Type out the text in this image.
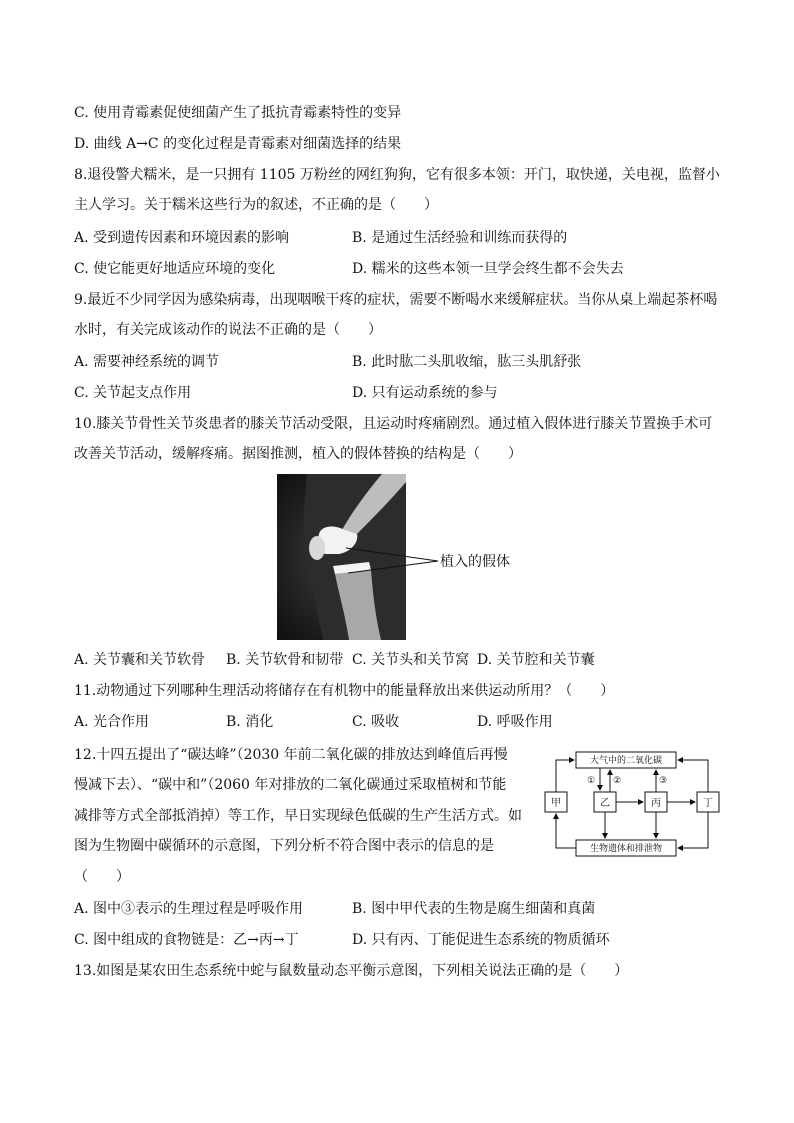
C. 使用青霉素促使细菌产生了抵抗青霉素特性的变异
D. 曲线 A→C 的变化过程是青霉素对细菌选择的结果
8.退役警犬糯米，是一只拥有 1105 万粉丝的网红狗狗，它有很多本领：开门，取快递，关电视，监督小
主人学习。关于糯米这些行为的叙述，不正确的是（　　）
A. 受到遗传因素和环境因素的影响	B. 是通过生活经验和训练而获得的
C. 使它能更好地适应环境的变化	D. 糯米的这些本领一旦学会终生都不会失去
9.最近不少同学因为感染病毒，出现咽喉干疼的症状，需要不断喝水来缓解症状。当你从桌上端起茶杯喝
水时，有关完成该动作的说法不正确的是（　　）
A. 需要神经系统的调节	B. 此时肱二头肌收缩，肱三头肌舒张
C. 关节起支点作用	D. 只有运动系统的参与
10.膝关节骨性关节炎患者的膝关节活动受限，且运动时疼痛剧烈。通过植入假体进行膝关节置换手术可
改善关节活动，缓解疼痛。据图推测，植入的假体替换的结构是（　　）
植入的假体
A. 关节囊和关节软骨 B. 关节软骨和韧带 C. 关节头和关节窝 D. 关节腔和关节囊
11.动物通过下列哪种生理活动将储存在有机物中的能量释放出来供运动所用？（　　）
A. 光合作用	B. 消化	C. 吸收	D. 呼吸作用
12.十四五提出了“碳达峰”（2030 年前二氧化碳的排放达到峰值后再慢
慢减下去）、“碳中和”（2060 年对排放的二氧化碳通过采取植树和节能
减排等方式全部抵消掉）等工作，早日实现绿色低碳的生产生活方式。如
图为生物圈中碳循环的示意图，下列分析不符合图中表示的信息的是
（　　）
大气中的二氧化碳
生物遗体和排泄物
甲	乙	丙	丁
① ②	③
A. 图中③表示的生理过程是呼吸作用	B. 图中甲代表的生物是腐生细菌和真菌
C. 图中组成的食物链是：乙→丙→丁	D. 只有丙、丁能促进生态系统的物质循环
13.如图是某农田生态系统中蛇与鼠数量动态平衡示意图，下列相关说法正确的是（　　）
